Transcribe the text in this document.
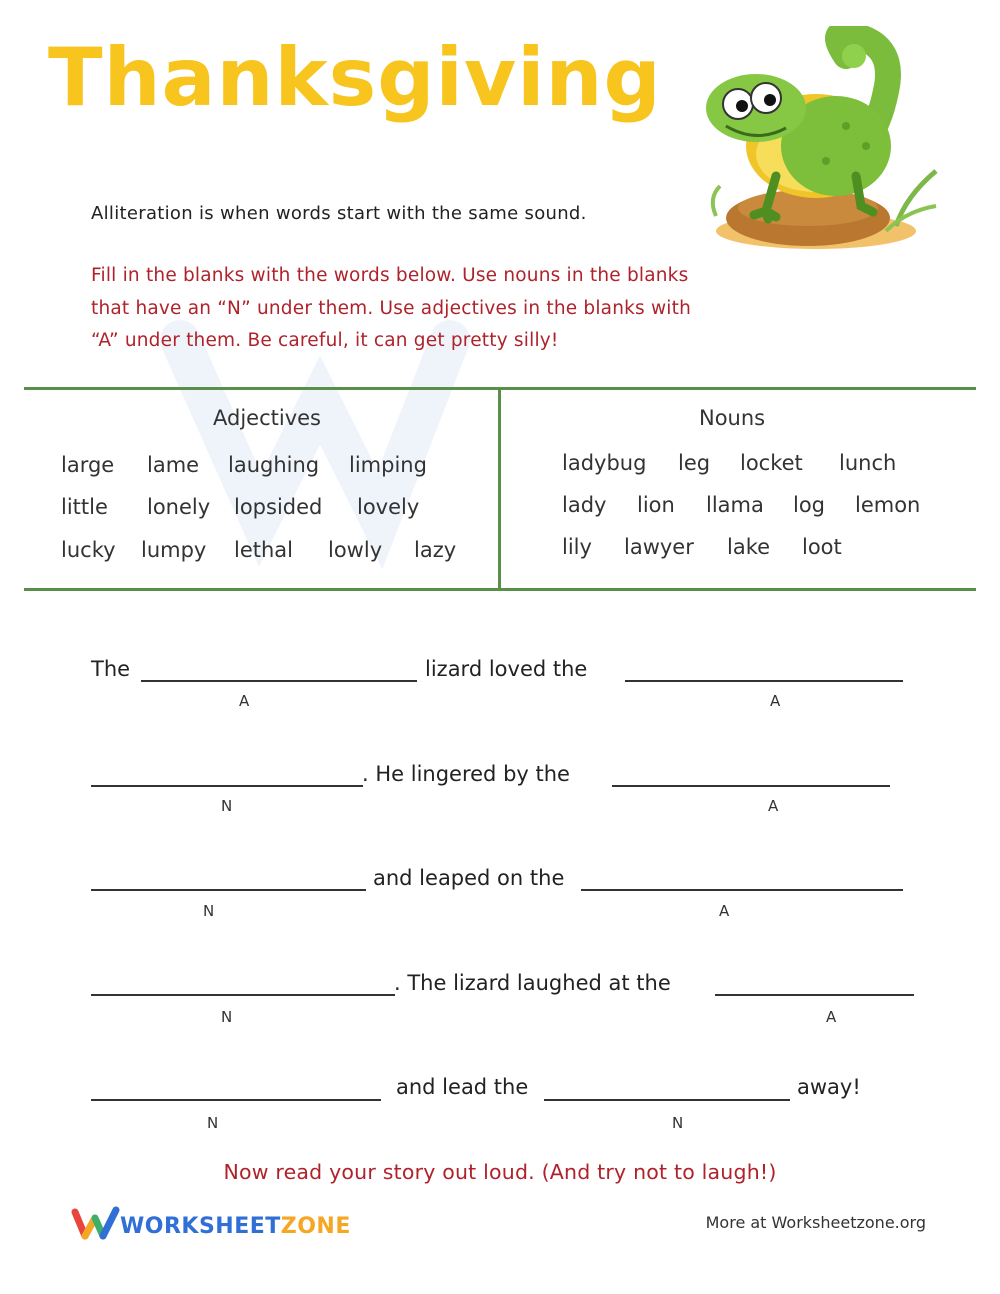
Thanksgiving
Alliteration is when words start with the same sound.
Fill in the blanks with the words below. Use nouns in the blanks
that have an “N” under them. Use adjectives in the blanks with
“A” under them. Be careful, it can get pretty silly!
Adjectives
large lame laughing limping
little lonely lopsided lovely
lucky lumpy lethal lowly lazy
Nouns
ladybug leg locket lunch
lady lion llama log lemon
lily lawyer lake loot
The	lizard loved the
A	A
. He lingered by the
N	A
and leaped on the
N	A
. The lizard laughed at the
N	A
and lead the	away!
N	N
Now read your story out loud. (And try not to laugh!)
WORKSHEETZONE	More at Worksheetzone.org
